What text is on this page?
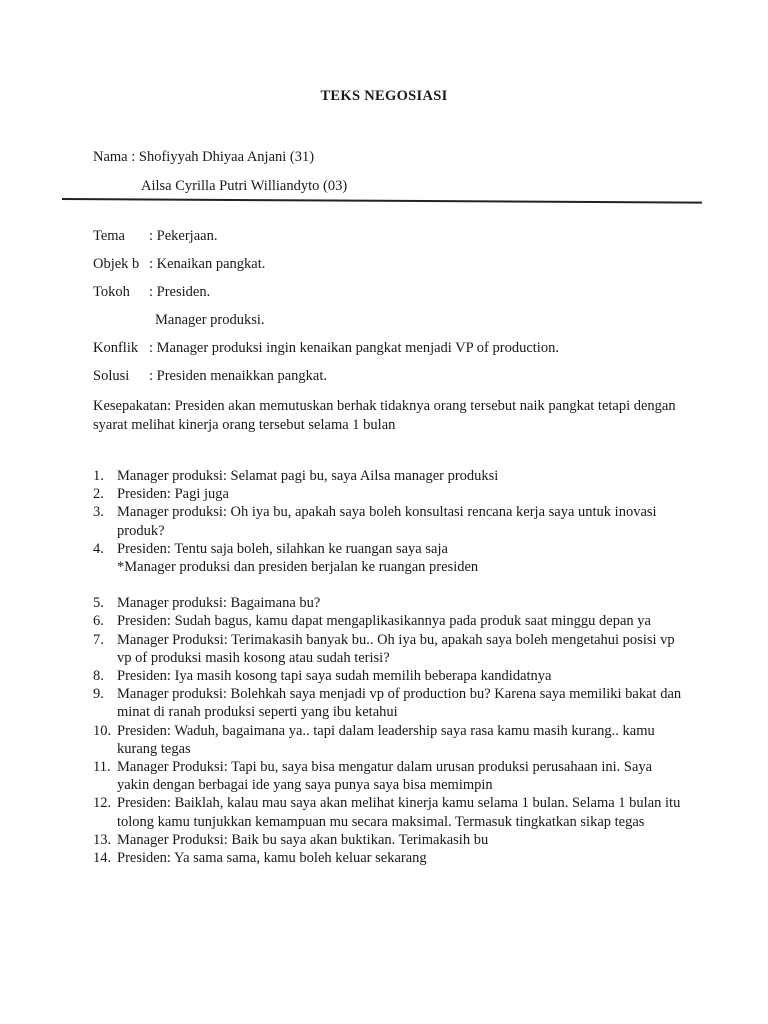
TEKS NEGOSIASI
Nama : Shofiyyah Dhiyaa Anjani (31)
Ailsa Cyrilla Putri Williandyto (03)
Tema : Pekerjaan.
Objek b : Kenaikan pangkat.
Tokoh : Presiden.
Manager produksi.
Konflik : Manager produksi ingin kenaikan pangkat menjadi VP of production.
Solusi : Presiden menaikkan pangkat.
Kesepakatan: Presiden akan memutuskan berhak tidaknya orang tersebut naik pangkat tetapi dengan syarat melihat kinerja orang tersebut selama 1 bulan
1. Manager produksi: Selamat pagi bu, saya Ailsa manager produksi
2. Presiden: Pagi juga
3. Manager produksi: Oh iya bu, apakah saya boleh konsultasi rencana kerja saya untuk inovasi produk?
4. Presiden: Tentu saja boleh, silahkan ke ruangan saya saja
*Manager produksi dan presiden berjalan ke ruangan presiden
5. Manager produksi: Bagaimana bu?
6. Presiden: Sudah bagus, kamu dapat mengaplikasikannya pada produk saat minggu depan ya
7. Manager Produksi: Terimakasih banyak bu.. Oh iya bu, apakah saya boleh mengetahui posisi vp vp of produksi masih kosong atau sudah terisi?
8. Presiden: Iya masih kosong tapi saya sudah memilih beberapa kandidatnya
9. Manager produksi: Bolehkah saya menjadi vp of production bu? Karena saya memiliki bakat dan minat di ranah produksi seperti yang ibu ketahui
10. Presiden: Waduh, bagaimana ya.. tapi dalam leadership saya rasa kamu masih kurang.. kamu kurang tegas
11. Manager Produksi: Tapi bu, saya bisa mengatur dalam urusan produksi perusahaan ini. Saya yakin dengan berbagai ide yang saya punya saya bisa memimpin
12. Presiden: Baiklah, kalau mau saya akan melihat kinerja kamu selama 1 bulan. Selama 1 bulan itu tolong kamu tunjukkan kemampuan mu secara maksimal. Termasuk tingkatkan sikap tegas
13. Manager Produksi: Baik bu saya akan buktikan. Terimakasih bu
14. Presiden: Ya sama sama, kamu boleh keluar sekarang
